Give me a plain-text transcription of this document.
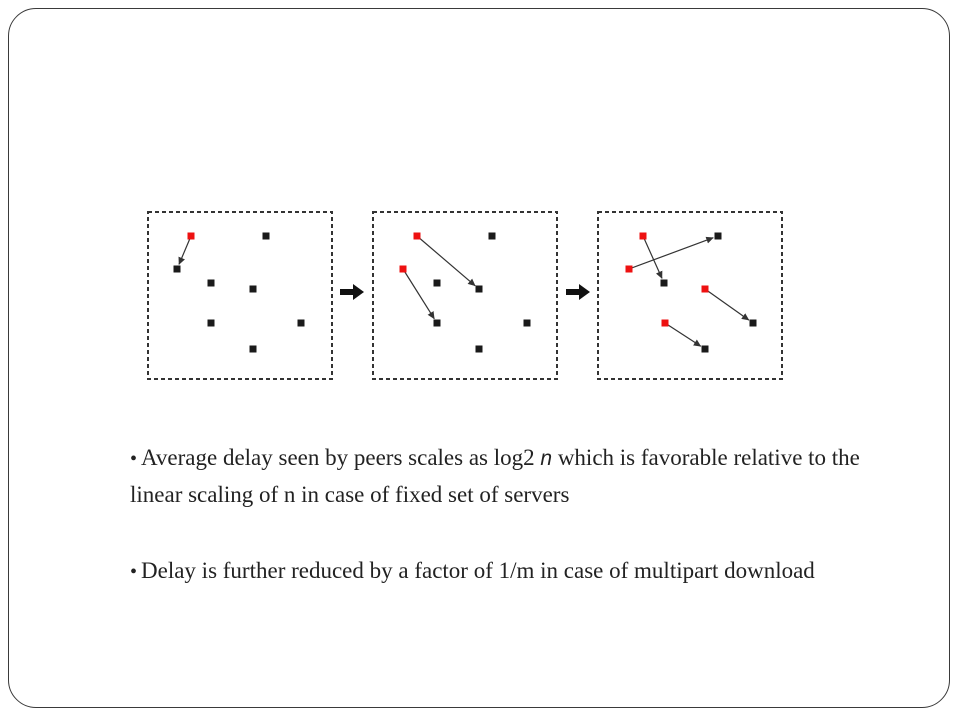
• Average delay seen by peers scales as log2 n which is favorable relative to the linear scaling of n in case of fixed set of servers
• Delay is further reduced by a factor of 1/m in case of multipart download
